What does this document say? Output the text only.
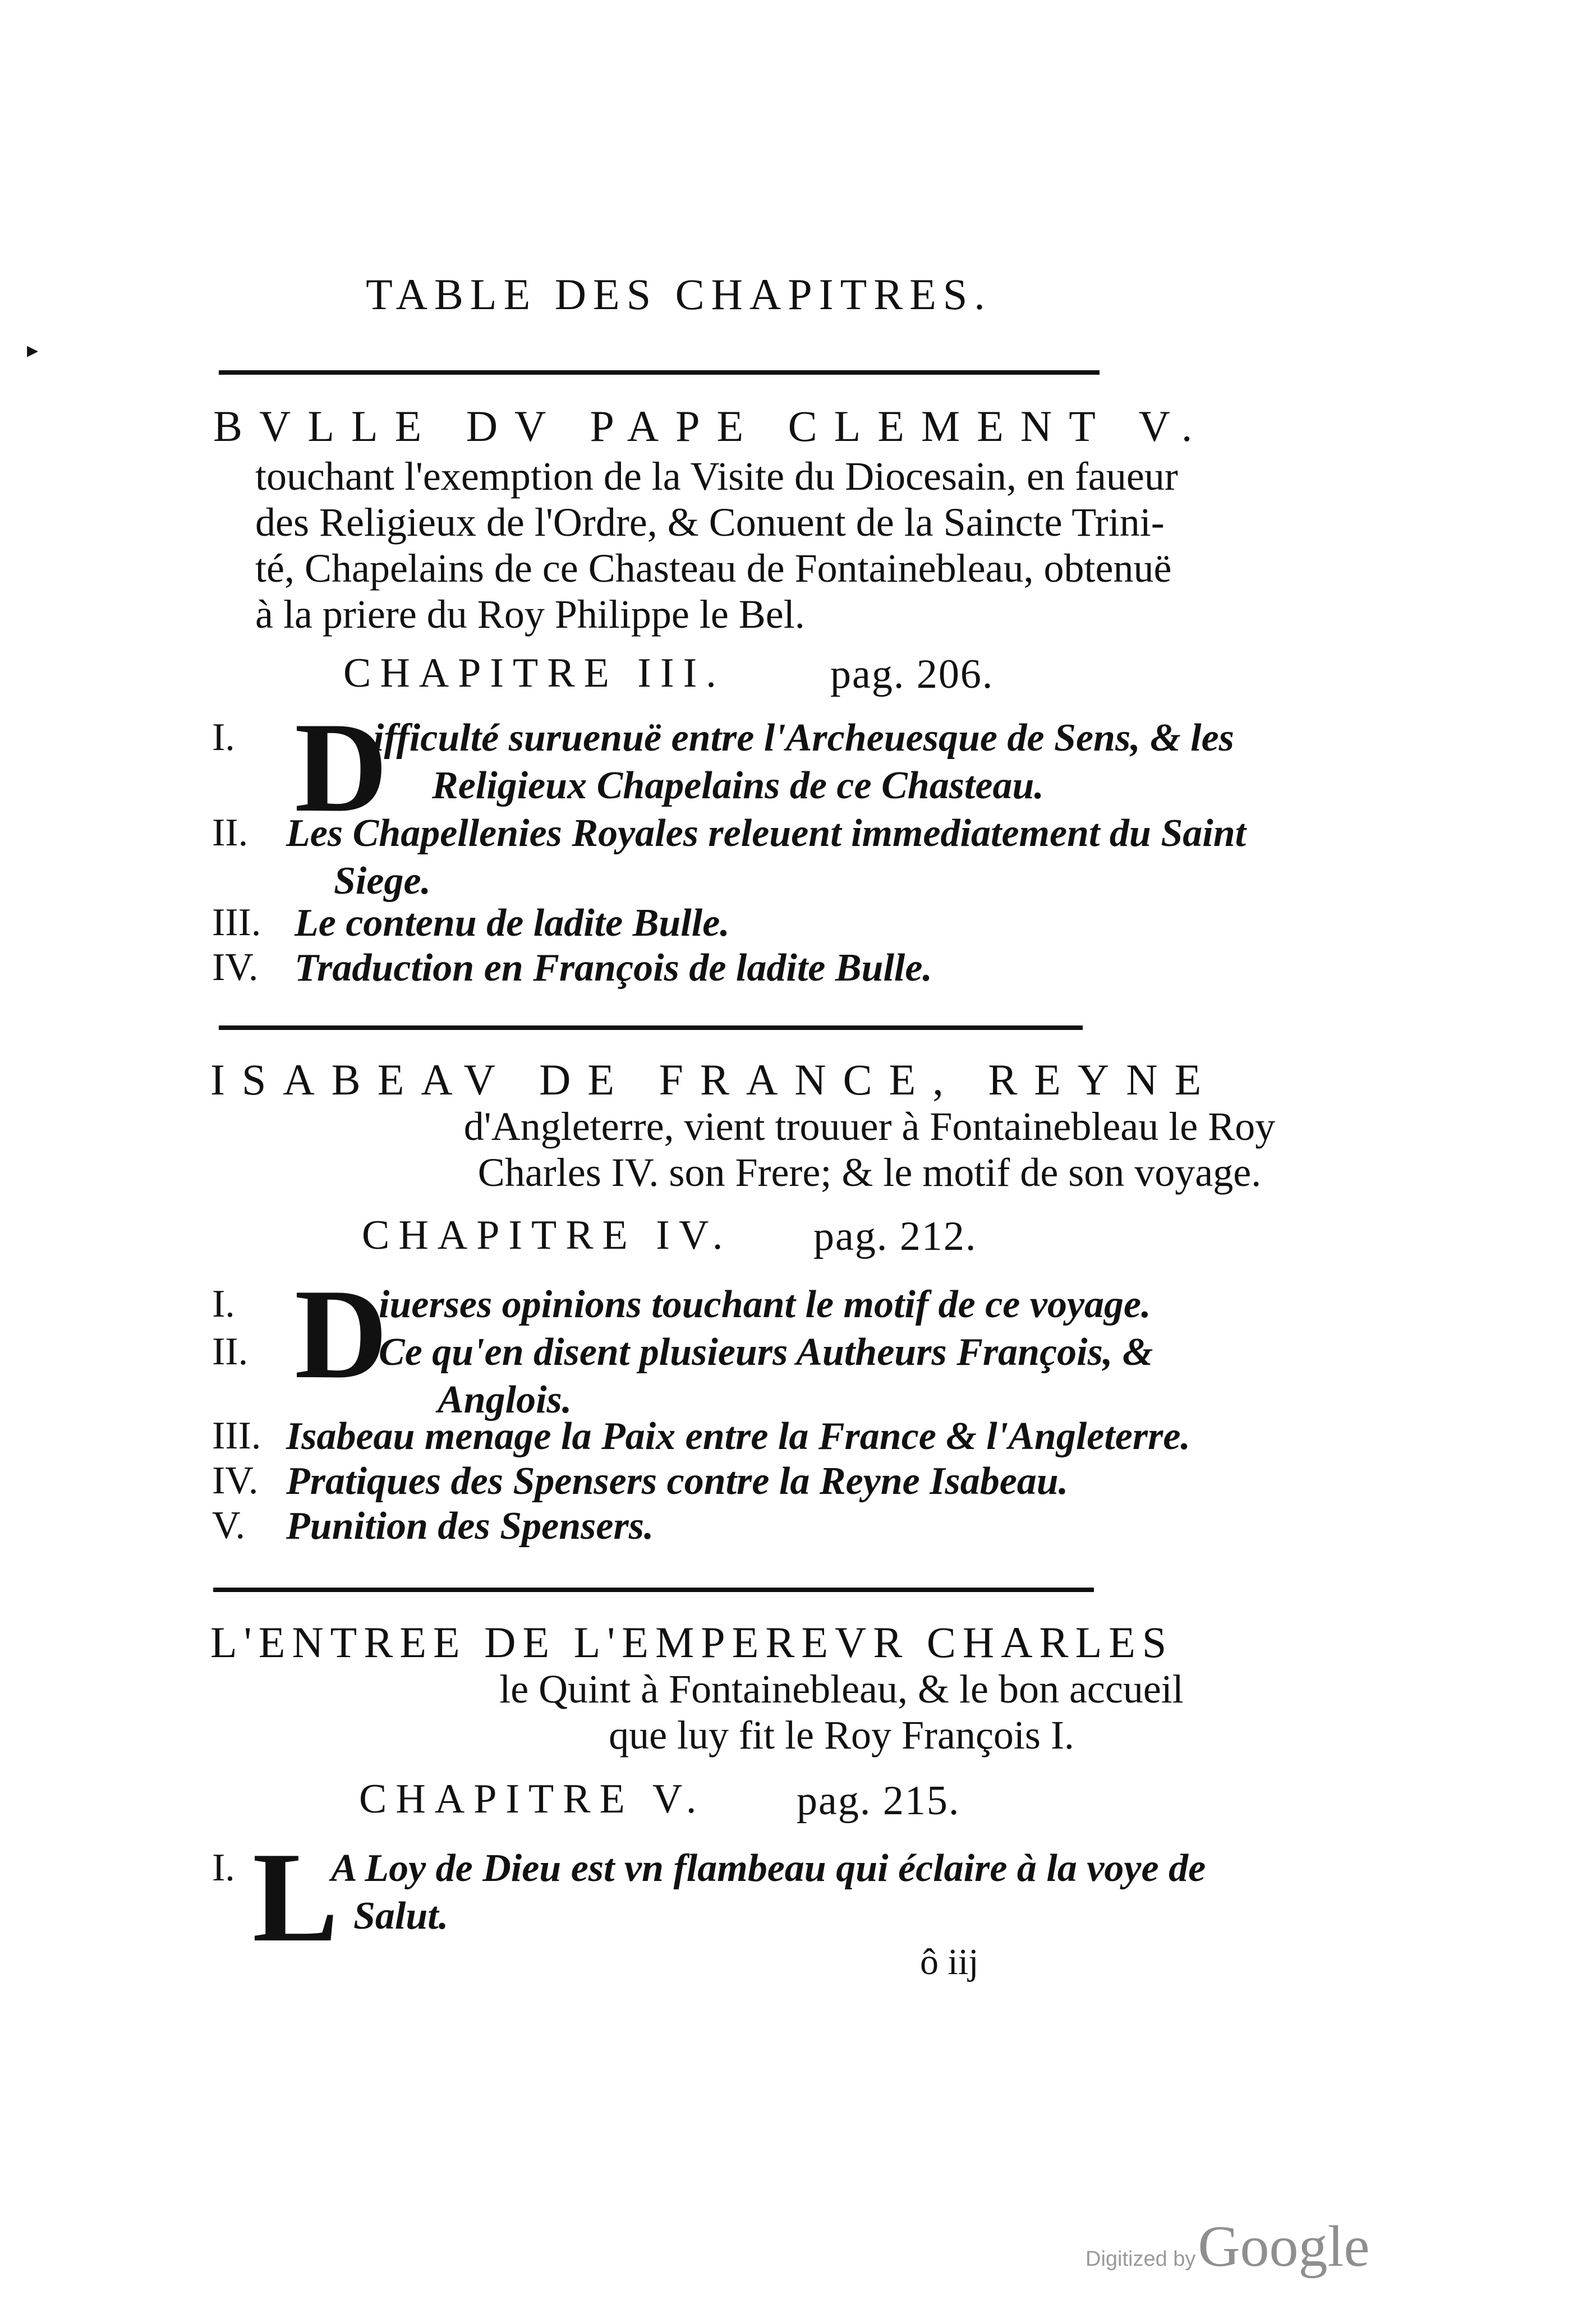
TABLE DES CHAPITRES.
▸
BVLLE DV PAPE CLEMENT V.
touchant l'exemption de la Visite du Diocesain, en faueur
des Religieux de l'Ordre, & Conuent de la Saincte Trini-
té, Chapelains de ce Chasteau de Fontainebleau, obtenuë
à la priere du Roy Philippe le Bel.
CHAPITRE III.	pag. 206.
I. D
ifficulté suruenuë entre l'Archeuesque de Sens, & les
Religieux Chapelains de ce Chasteau.
II. Les Chapellenies Royales releuent immediatement du Saint
Siege.
III. Le contenu de ladite Bulle.
IV. Traduction en François de ladite Bulle.
ISABEAV DE FRANCE, REYNE
d'Angleterre, vient trouuer à Fontainebleau le Roy
Charles IV. son Frere; & le motif de son voyage.
CHAPITRE IV. pag. 212.
I. D
iuerses opinions touchant le motif de ce voyage.
II.	Ce qu'en disent plusieurs Autheurs François, &
Anglois.
III. Isabeau menage la Paix entre la France & l'Angleterre.
IV. Pratiques des Spensers contre la Reyne Isabeau.
V. Punition des Spensers.
L'ENTREE DE L'EMPEREVR CHARLES
le Quint à Fontainebleau, & le bon accueil
que luy fit le Roy François I.
CHAPITRE V. pag. 215.
I. L
A Loy de Dieu est vn flambeau qui éclaire à la voye de
Salut.
ô iij
Digitized by Google
